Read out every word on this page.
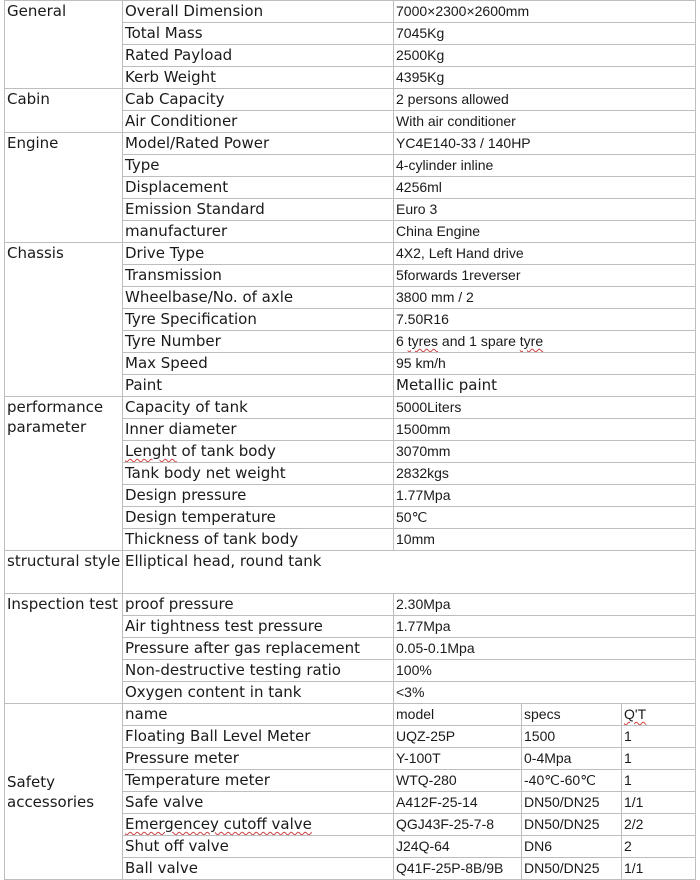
General	Overall Dimension	7000×2300×2600mm		
	Total Mass	7045Kg		
	Rated Payload	2500Kg		
	Kerb Weight	4395Kg		
Cabin	Cab Capacity	2 persons allowed		
	Air Conditioner	With air conditioner		
Engine	Model/Rated Power	YC4E140-33 / 140HP		
	Type	4-cylinder inline		
	Displacement	4256ml		
	Emission Standard	Euro 3		
	manufacturer	China Engine		
Chassis	Drive Type	4X2, Left Hand drive		
	Transmission	5forwards 1reverser		
	Wheelbase/No. of axle	3800 mm / 2		
	Tyre Specification	7.50R16		
	Tyre Number	6 tyres and 1 spare tyre		
	Max Speed	95 km/h		
	Paint	Metallic paint		
performance parameter	Capacity of tank	5000Liters		
	Inner diameter	1500mm		
	Lenght of tank body	3070mm		
	Tank body net weight	2832kgs		
	Design pressure	1.77Mpa		
	Design temperature	50℃		
	Thickness of tank body	10mm		
structural style	Elliptical head, round tank			
Inspection test	proof pressure	2.30Mpa		
	Air tightness test pressure	1.77Mpa		
	Pressure after gas replacement	0.05-0.1Mpa		
	Non-destructive testing ratio	100%		
	Oxygen content in tank	<3%		
Safety accessories	name	model	specs	Q'T
	Floating Ball Level Meter	UQZ-25P	1500	1
	Pressure meter	Y-100T	0-4Mpa	1
	Temperature meter	WTQ-280	-40℃-60℃	1
	Safe valve	A412F-25-14	DN50/DN25	1/1
	Emergencey cutoff valve	QGJ43F-25-7-8	DN50/DN25	2/2
	Shut off valve	J24Q-64	DN6	2
	Ball valve	Q41F-25P-8B/9B	DN50/DN25	1/1
